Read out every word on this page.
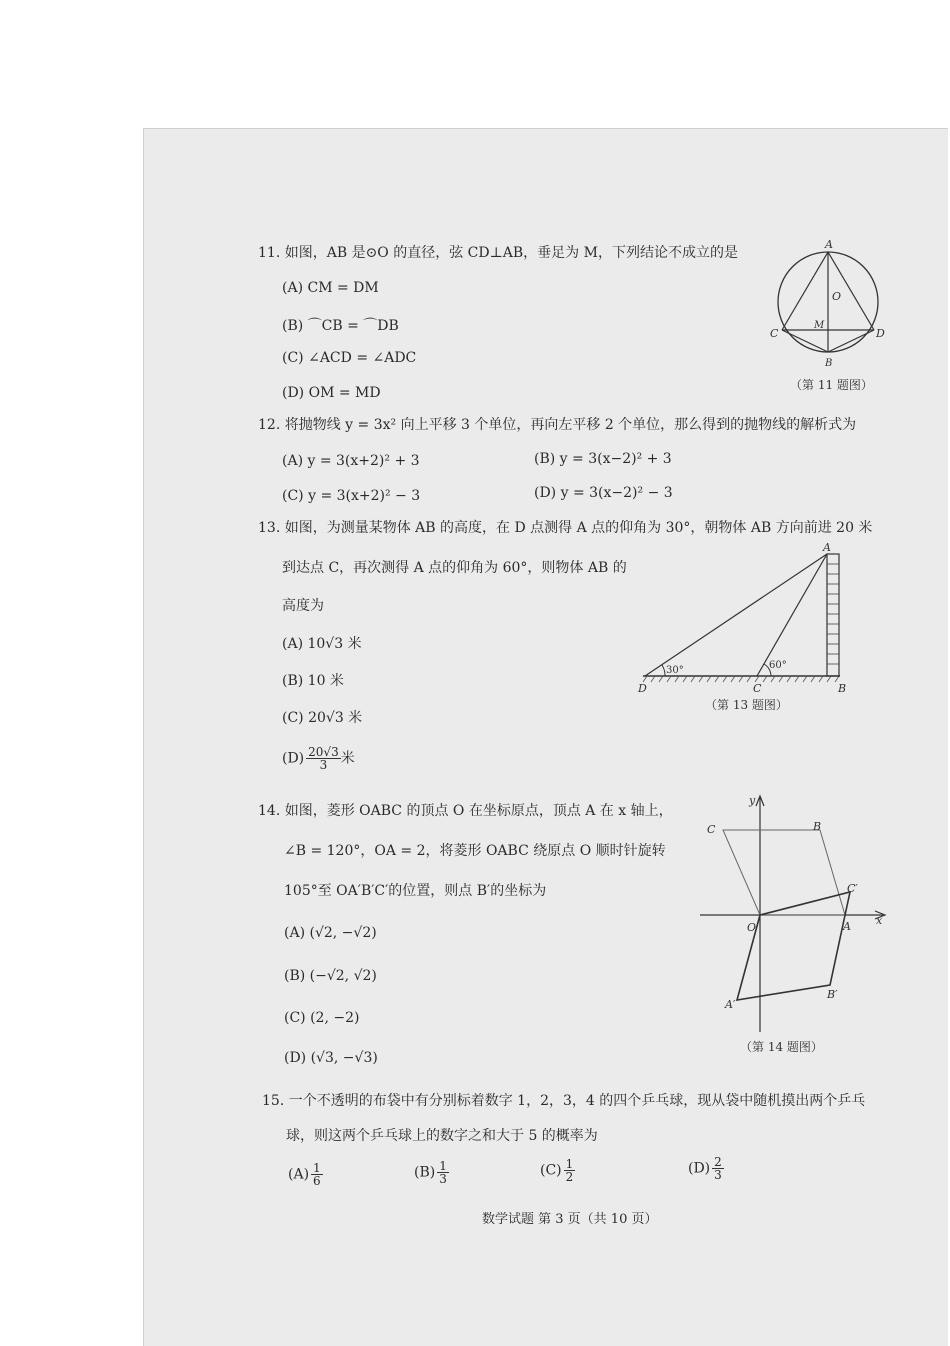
11. 如图，AB 是⊙O 的直径，弦 CD⊥AB，垂足为 M，下列结论不成立的是
(A) CM = DM
(B) ⌒CB = ⌒DB
(C) ∠ACD = ∠ADC
(D) OM = MD
A
O
M
C	D
B
（第 11 题图）
12. 将抛物线 y = 3x² 向上平移 3 个单位，再向左平移 2 个单位，那么得到的抛物线的解析式为
(A) y = 3(x+2)² + 3	(B) y = 3(x−2)² + 3
(C) y = 3(x+2)² − 3	(D) y = 3(x−2)² − 3
13. 如图，为测量某物体 AB 的高度，在 D 点测得 A 点的仰角为 30°，朝物体 AB 方向前进 20 米
到达点 C，再次测得 A 点的仰角为 60°，则物体 AB 的
高度为
(A) 10√3 米
(B) 10 米
(C) 20√3 米
$(D) \frac{20√3}{3}$ 米
30°	60°
A
B
C
D
（第 13 题图）
14. 如图，菱形 OABC 的顶点 O 在坐标原点，顶点 A 在 x 轴上，
∠B = 120°，OA = 2，将菱形 OABC 绕原点 O 顺时针旋转
105°至 OA′B′C′的位置，则点 B′的坐标为
(A) (√2, −√2)
(B) (−√2, √2)
(C) (2, −2)
(D) (√3, −√3)
y
x
O	A
B
C
A′
B′
C′
（第 14 题图）
15. 一个不透明的布袋中有分别标着数字 1，2，3，4 的四个乒乓球，现从袋中随机摸出两个乒乓
球，则这两个乒乓球上的数字之和大于 5 的概率为
$(A) \frac{1}{6}$	$(B) \frac{1}{3}$	$(C) \frac{1}{2}$	$(D) \frac{2}{3}$
数学试题 第 3 页（共 10 页）
